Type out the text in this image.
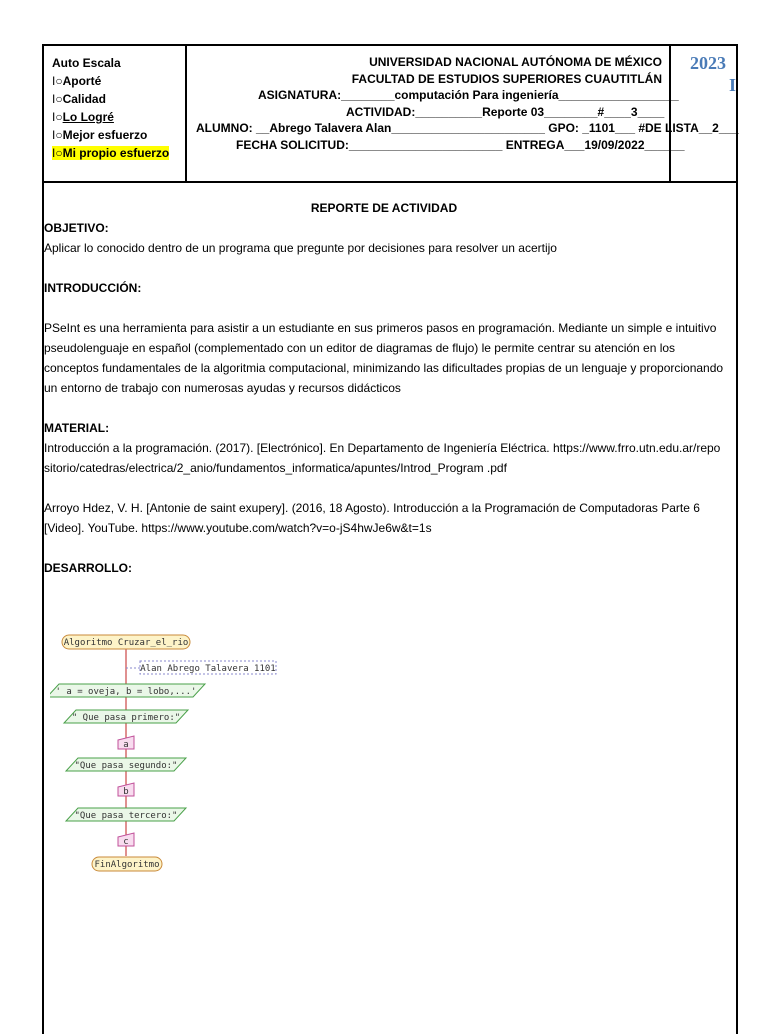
Auto Escala
I○Aporté
I○Calidad
I○Lo Logré
I○Mejor esfuerzo
I○Mi propio esfuerzo
UNIVERSIDAD NACIONAL AUTÓNOMA DE MÉXICO
FACULTAD DE ESTUDIOS SUPERIORES CUAUTITLÁN
ASIGNATURA:________computación Para ingeniería__________________
ACTIVIDAD:__________Reporte 03________#____3____
ALUMNO: __Abrego Talavera Alan_______________________ GPO: _1101___ #DE LISTA__2___
FECHA SOLICITUD:_______________________ ENTREGA___19/09/2022______
2023
I

REPORTE DE ACTIVIDAD

OBJETIVO:

Aplicar lo conocido dentro de un programa que pregunte por decisiones para resolver un acertijo

INTRODUCCIÓN:

PSeInt es una herramienta para asistir a un estudiante en sus primeros pasos en programación. Mediante un simple e intuitivo pseudolenguaje en español (complementado con un editor de diagramas de flujo) le permite centrar su atención en los conceptos fundamentales de la algoritmia computacional, minimizando las dificultades propias de un lenguaje y proporcionando un entorno de trabajo con numerosas ayudas y recursos didácticos

MATERIAL:

Introducción a la programación. (2017). [Electrónico]. En Departamento de Ingeniería Eléctrica. https://www.frro.utn.edu.ar/repositorio/catedras/electrica/2_anio/fundamentos_informatica/apuntes/Introd_Program .pdf

Arroyo Hdez, V. H. [Antonie de saint exupery]. (2016, 18 Agosto). Introducción a la Programación de Computadoras Parte 6 [Video]. YouTube. https://www.youtube.com/watch?v=o-jS4hwJe6w&t=1s

DESARROLLO:

Algoritmo Cruzar_el_rio
Alan Abrego Talavera 1101
' a = oveja, b = lobo,...'
" Que pasa primero:"
a
"Que pasa segundo:"
b
"Que pasa tercero:"
c
FinAlgoritmo
